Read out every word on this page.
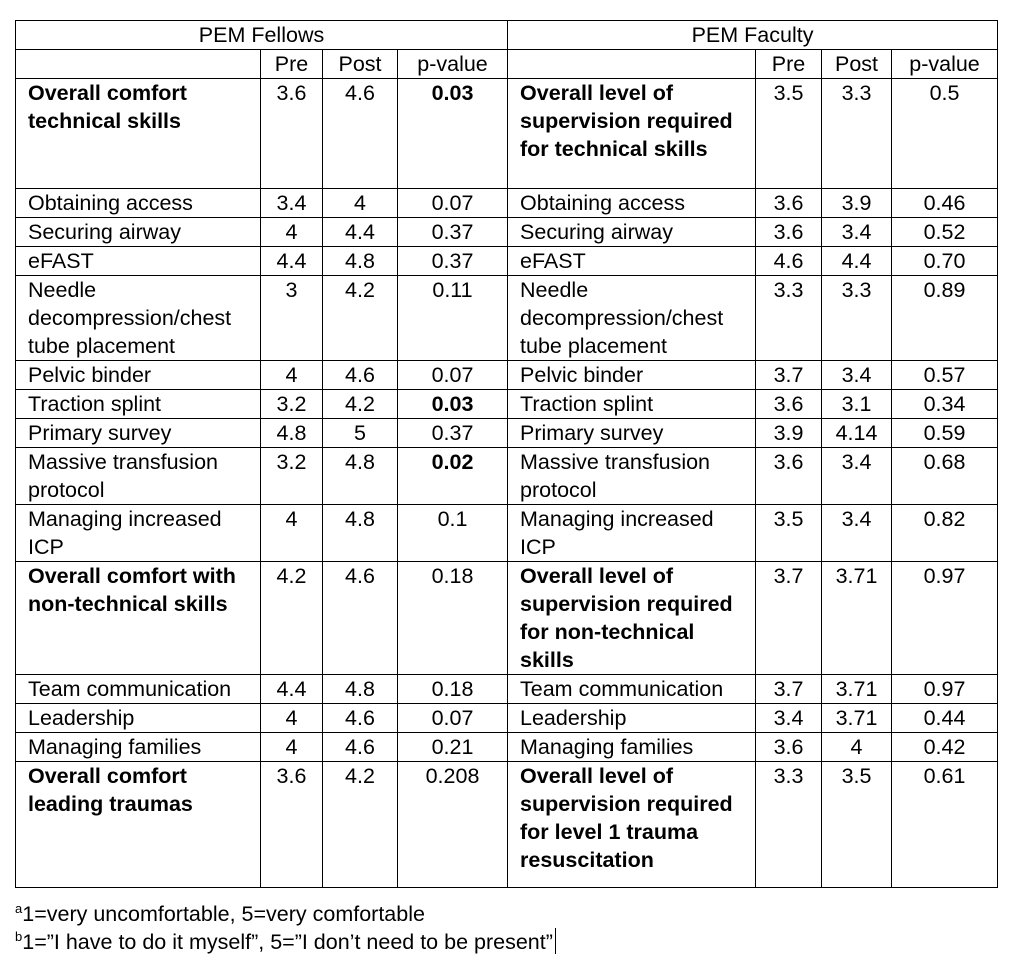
PEM Fellows				PEM Faculty			
	Pre	Post	p-value		Pre	Post	p-value
Overall comfort technical skills	3.6	4.6	0.03	Overall level of supervision required for technical skills	3.5	3.3	0.5
Obtaining access	3.4	4	0.07	Obtaining access	3.6	3.9	0.46
Securing airway	4	4.4	0.37	Securing airway	3.6	3.4	0.52
eFAST	4.4	4.8	0.37	eFAST	4.6	4.4	0.70
Needle decompression/chest tube placement	3	4.2	0.11	Needle decompression/chest tube placement	3.3	3.3	0.89
Pelvic binder	4	4.6	0.07	Pelvic binder	3.7	3.4	0.57
Traction splint	3.2	4.2	0.03	Traction splint	3.6	3.1	0.34
Primary survey	4.8	5	0.37	Primary survey	3.9	4.14	0.59
Massive transfusion protocol	3.2	4.8	0.02	Massive transfusion protocol	3.6	3.4	0.68
Managing increased ICP	4	4.8	0.1	Managing increased ICP	3.5	3.4	0.82
Overall comfort with non-technical skills	4.2	4.6	0.18	Overall level of supervision required for non-technical skills	3.7	3.71	0.97
Team communication	4.4	4.8	0.18	Team communication	3.7	3.71	0.97
Leadership	4	4.6	0.07	Leadership	3.4	3.71	0.44
Managing families	4	4.6	0.21	Managing families	3.6	4	0.42
Overall comfort leading traumas	3.6	4.2	0.208	Overall level of supervision required for level 1 trauma resuscitation	3.3	3.5	0.61
$^a$1=very uncomfortable, 5=very comfortable
$^b$1=”I have to do it myself”, 5=”I don’t need to be present”
